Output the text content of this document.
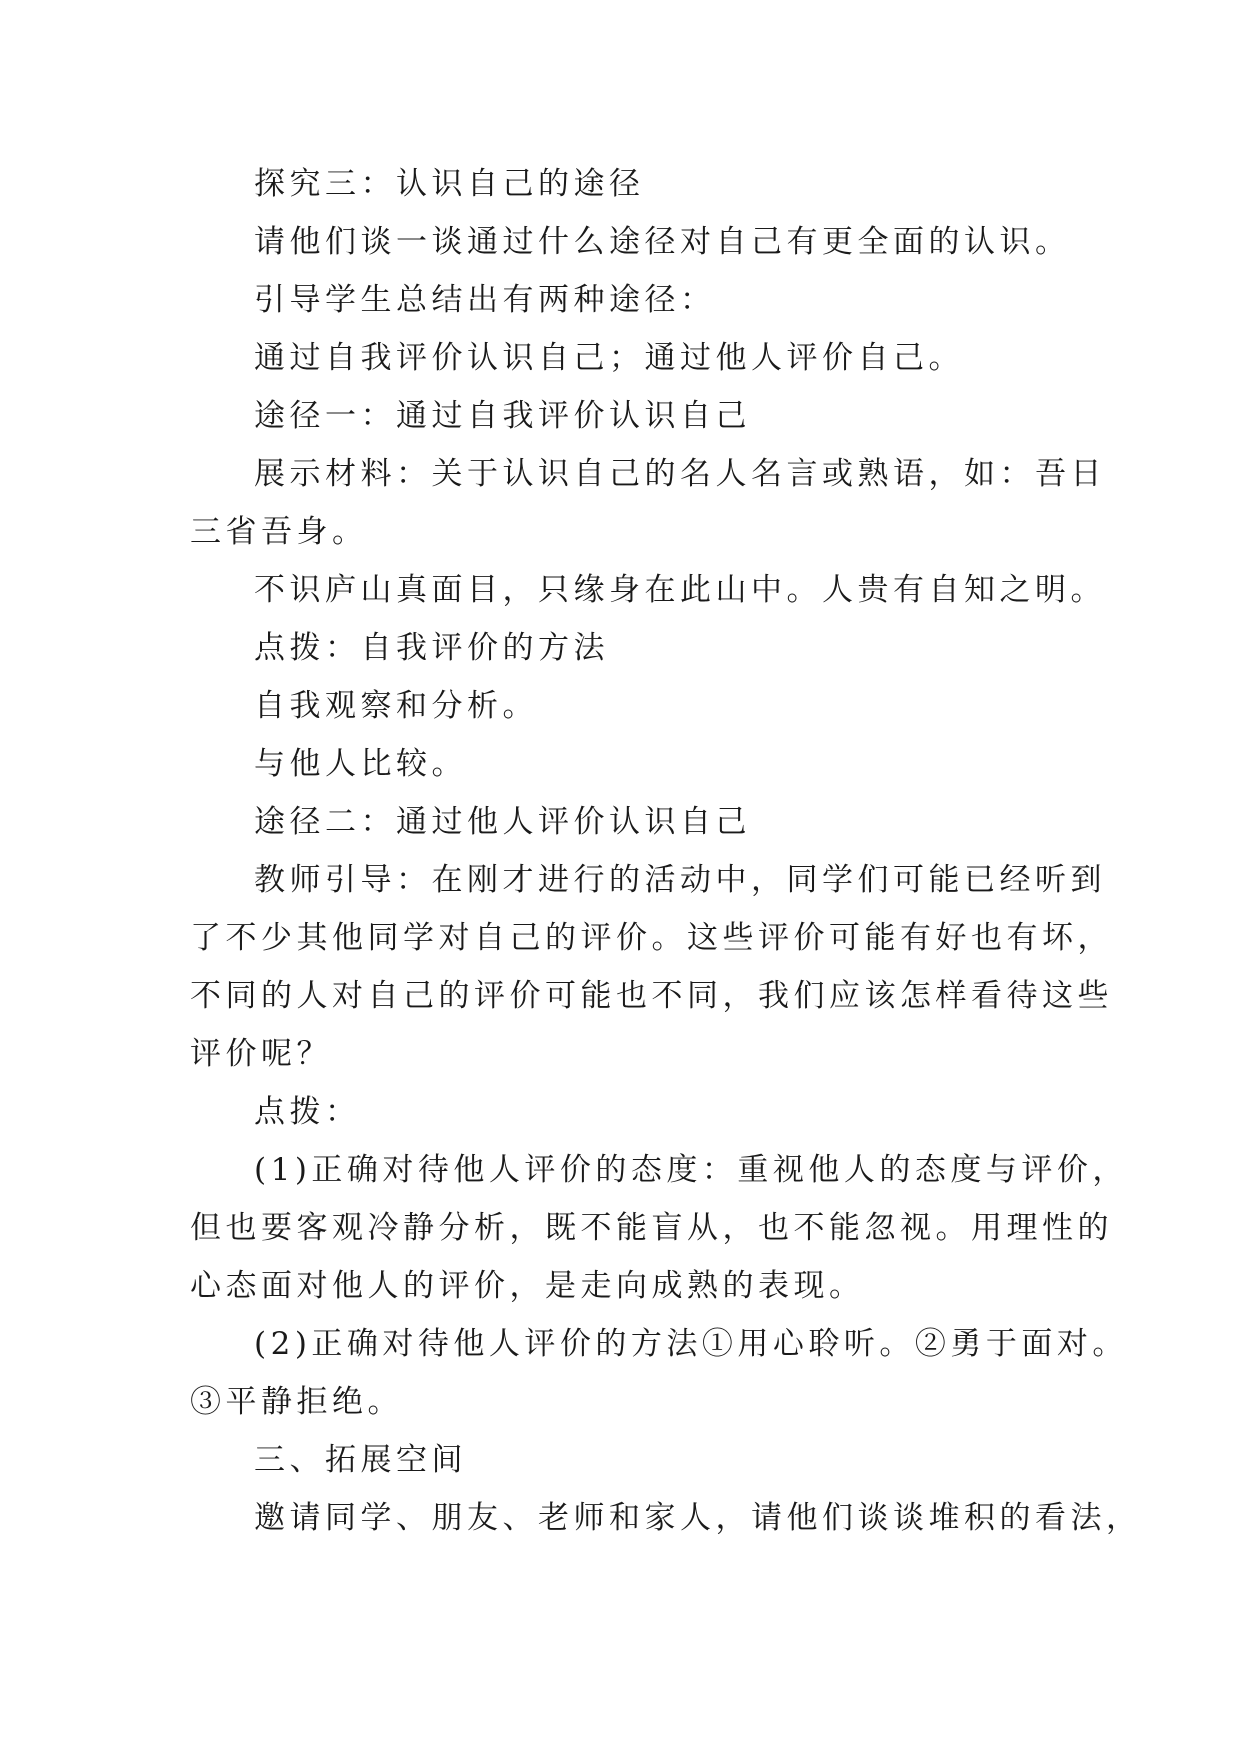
探究三：认识自己的途径

请他们谈一谈通过什么途径对自己有更全面的认识。

引导学生总结出有两种途径：

通过自我评价认识自己；通过他人评价自己。

途径一：通过自我评价认识自己

展示材料：关于认识自己的名人名言或熟语，如：吾日

三省吾身。

不识庐山真面目，只缘身在此山中。人贵有自知之明。

点拨：自我评价的方法

自我观察和分析。

与他人比较。

途径二：通过他人评价认识自己

教师引导：在刚才进行的活动中，同学们可能已经听到

了不少其他同学对自己的评价。这些评价可能有好也有坏，

不同的人对自己的评价可能也不同，我们应该怎样看待这些

评价呢？

点拨：

(1)正确对待他人评价的态度：重视他人的态度与评价，

但也要客观冷静分析，既不能盲从，也不能忽视。用理性的

心态面对他人的评价，是走向成熟的表现。

(2)正确对待他人评价的方法①用心聆听。②勇于面对。

③平静拒绝。

三、拓展空间

邀请同学、朋友、老师和家人，请他们谈谈堆积的看法，
